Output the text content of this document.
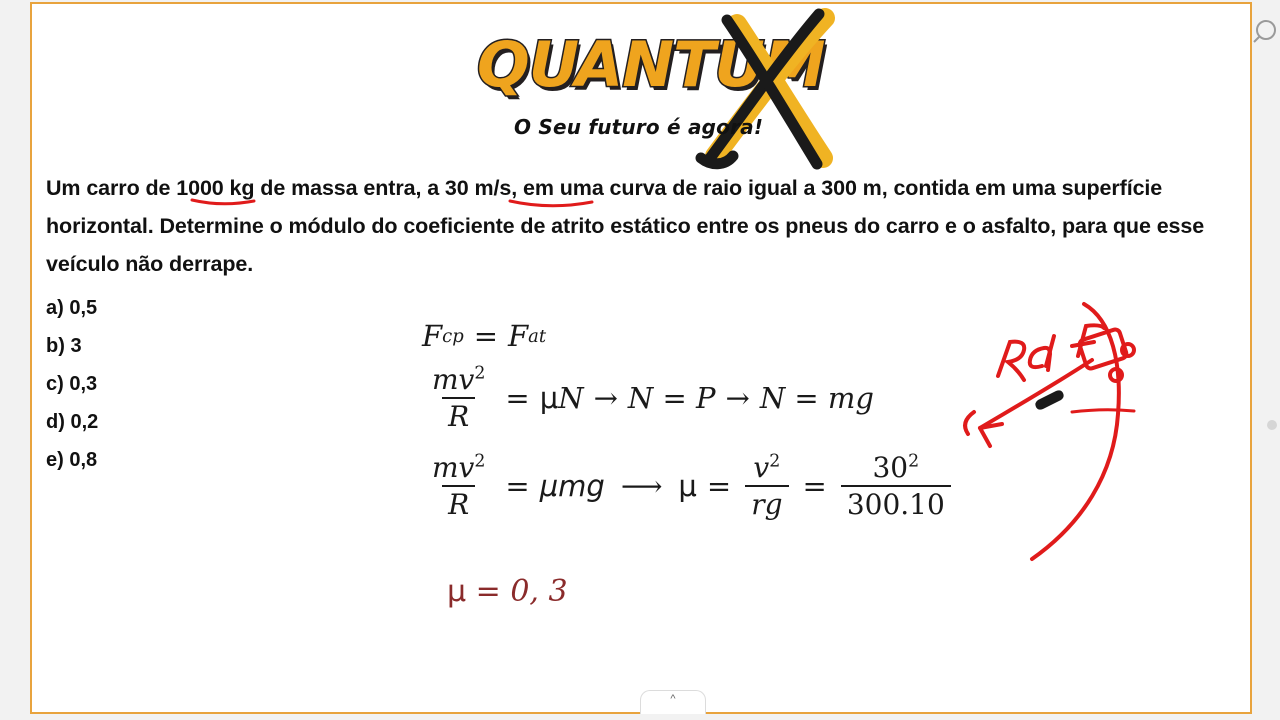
QUANTUM
O Seu futuro é agora!
Um carro de 1000 kg de massa entra, a 30 m/s, em uma curva de raio igual a 300 m, contida em uma superfície horizontal. Determine o módulo do coeficiente de atrito estático entre os pneus do carro e o asfalto, para que esse veículo não derrape.
a) 0,5
b) 3
c) 0,3
d) 0,2
e) 0,8
F cp = F at
$\frac{mv^2}{R} = \mu$ N → N = P → N = mg
$\frac{mv^2}{R} = \mu mg$ ⟶ $\mu = \frac{v^2}{rg} = \frac{30^2}{300.10}$
μ = 0, 3
^
